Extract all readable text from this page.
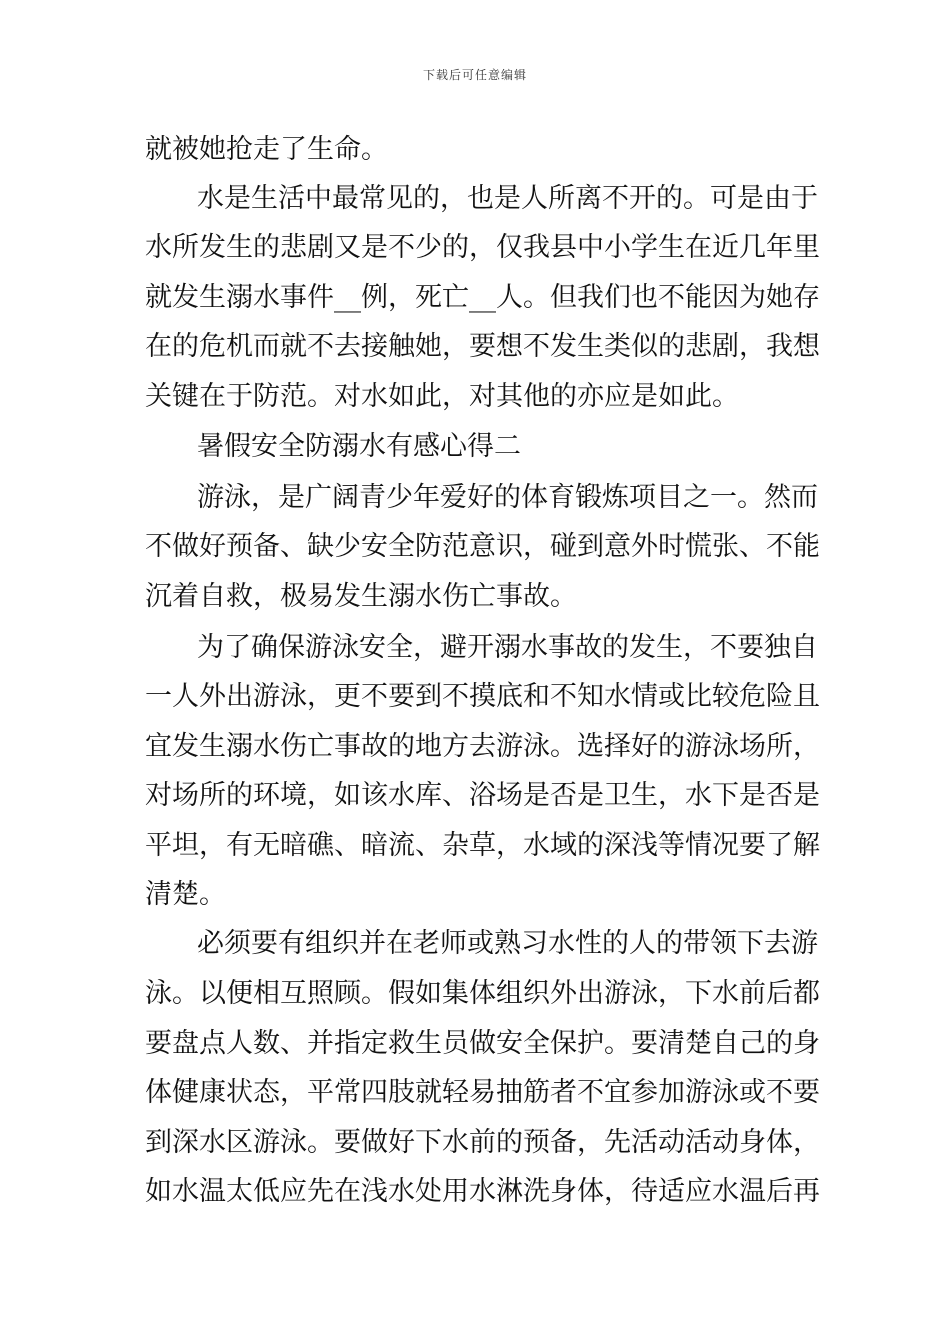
下载后可任意编辑
就被她抢走了生命。
水是生活中最常见的，也是人所离不开的。可是由于
水所发生的悲剧又是不少的，仅我县中小学生在近几年里
就发生溺水事件__例，死亡__人。但我们也不能因为她存
在的危机而就不去接触她，要想不发生类似的悲剧，我想
关键在于防范。对水如此，对其他的亦应是如此。
暑假安全防溺水有感心得二
游泳，是广阔青少年爱好的体育锻炼项目之一。然而
不做好预备、缺少安全防范意识，碰到意外时慌张、不能
沉着自救，极易发生溺水伤亡事故。
为了确保游泳安全，避开溺水事故的发生，不要独自
一人外出游泳，更不要到不摸底和不知水情或比较危险且
宜发生溺水伤亡事故的地方去游泳。选择好的游泳场所，
对场所的环境，如该水库、浴场是否是卫生，水下是否是
平坦，有无暗礁、暗流、杂草，水域的深浅等情况要了解
清楚。
必须要有组织并在老师或熟习水性的人的带领下去游
泳。以便相互照顾。假如集体组织外出游泳，下水前后都
要盘点人数、并指定救生员做安全保护。要清楚自己的身
体健康状态，平常四肢就轻易抽筋者不宜参加游泳或不要
到深水区游泳。要做好下水前的预备，先活动活动身体，
如水温太低应先在浅水处用水淋洗身体，待适应水温后再
